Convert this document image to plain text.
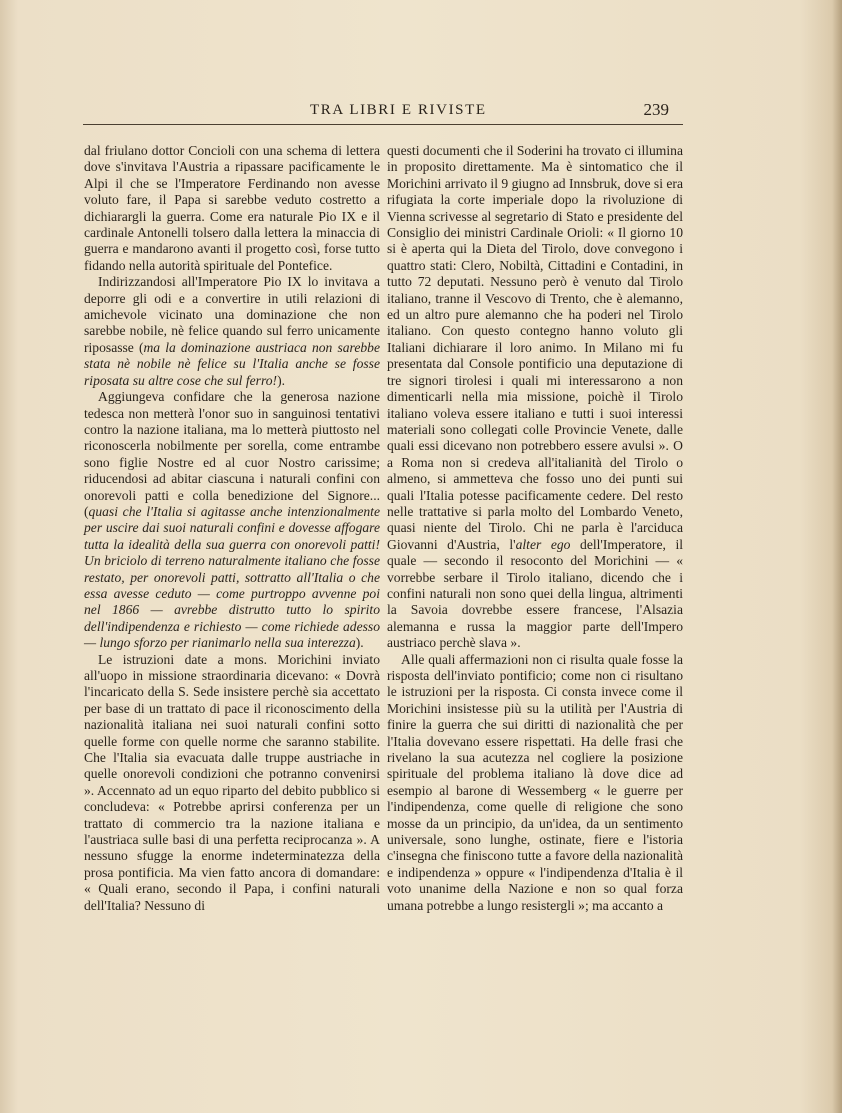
TRA LIBRI E RIVISTE	239

dal friulano dottor Concioli con una schema di lettera dove s'invitava l'Austria a ripassare pacificamente le Alpi il che se l'Imperatore Ferdinando non avesse voluto fare, il Papa si sarebbe veduto costretto a dichiarargli la guerra. Come era naturale Pio IX e il cardinale Antonelli tolsero dalla lettera la minaccia di guerra e mandarono avanti il progetto così, forse tutto fidando nella autorità spirituale del Pontefice.

Indirizzandosi all'Imperatore Pio IX lo invitava a deporre gli odi e a convertire in utili relazioni di amichevole vicinato una dominazione che non sarebbe nobile, nè felice quando sul ferro unicamente riposasse (ma la dominazione austriaca non sarebbe stata nè nobile nè felice su l'Italia anche se fosse riposata su altre cose che sul ferro!).

Aggiungeva confidare che la generosa nazione tedesca non metterà l'onor suo in sanguinosi tentativi contro la nazione italiana, ma lo metterà piuttosto nel riconoscerla nobilmente per sorella, come entrambe sono figlie Nostre ed al cuor Nostro carissime; riducendosi ad abitar ciascuna i naturali confini con onorevoli patti e colla benedizione del Signore... (quasi che l'Italia si agitasse anche intenzionalmente per uscire dai suoi naturali confini e dovesse affogare tutta la idealità della sua guerra con onorevoli patti! Un briciolo di terreno naturalmente italiano che fosse restato, per onorevoli patti, sottratto all'Italia o che essa avesse ceduto — come purtroppo avvenne poi nel 1866 — avrebbe distrutto tutto lo spirito dell'indipendenza e richiesto — come richiede adesso — lungo sforzo per rianimarlo nella sua interezza).

Le istruzioni date a mons. Morichini inviato all'uopo in missione straordinaria dicevano: « Dovrà l'incaricato della S. Sede insistere perchè sia accettato per base di un trattato di pace il riconoscimento della nazionalità italiana nei suoi naturali confini sotto quelle forme con quelle norme che saranno stabilite. Che l'Italia sia evacuata dalle truppe austriache in quelle onorevoli condizioni che potranno convenirsi ». Accennato ad un equo riparto del debito pubblico si concludeva: « Potrebbe aprirsi conferenza per un trattato di commercio tra la nazione italiana e l'austriaca sulle basi di una perfetta reciprocanza ». A nessuno sfugge la enorme indeterminatezza della prosa pontificia. Ma vien fatto ancora di domandare: « Quali erano, secondo il Papa, i confini naturali dell'Italia? Nessuno di

questi documenti che il Soderini ha trovato ci illumina in proposito direttamente. Ma è sintomatico che il Morichini arrivato il 9 giugno ad Innsbruk, dove si era rifugiata la corte imperiale dopo la rivoluzione di Vienna scrivesse al segretario di Stato e presidente del Consiglio dei ministri Cardinale Orioli: « Il giorno 10 si è aperta qui la Dieta del Tirolo, dove convegono i quattro stati: Clero, Nobiltà, Cittadini e Contadini, in tutto 72 deputati. Nessuno però è venuto dal Tirolo italiano, tranne il Vescovo di Trento, che è alemanno, ed un altro pure alemanno che ha poderi nel Tirolo italiano. Con questo contegno hanno voluto gli Italiani dichiarare il loro animo. In Milano mi fu presentata dal Console pontificio una deputazione di tre signori tirolesi i quali mi interessarono a non dimenticarli nella mia missione, poichè il Tirolo italiano voleva essere italiano e tutti i suoi interessi materiali sono collegati colle Provincie Venete, dalle quali essi dicevano non potrebbero essere avulsi ». O a Roma non si credeva all'italianità del Tirolo o almeno, si ammetteva che fosso uno dei punti sui quali l'Italia potesse pacificamente cedere. Del resto nelle trattative si parla molto del Lombardo Veneto, quasi niente del Tirolo. Chi ne parla è l'arciduca Giovanni d'Austria, l'alter ego dell'Imperatore, il quale — secondo il resoconto del Morichini — « vorrebbe serbare il Tirolo italiano, dicendo che i confini naturali non sono quei della lingua, altrimenti la Savoia dovrebbe essere francese, l'Alsazia alemanna e russa la maggior parte dell'Impero austriaco perchè slava ».

Alle quali affermazioni non ci risulta quale fosse la risposta dell'inviato pontificio; come non ci risultano le istruzioni per la risposta. Ci consta invece come il Morichini insistesse più su la utilità per l'Austria di finire la guerra che sui diritti di nazionalità che per l'Italia dovevano essere rispettati. Ha delle frasi che rivelano la sua acutezza nel cogliere la posizione spirituale del problema italiano là dove dice ad esempio al barone di Wessemberg « le guerre per l'indipendenza, come quelle di religione che sono mosse da un principio, da un'idea, da un sentimento universale, sono lunghe, ostinate, fiere e l'istoria c'insegna che finiscono tutte a favore della nazionalità e indipendenza » oppure « l'indipendenza d'Italia è il voto unanime della Nazione e non so qual forza umana potrebbe a lungo resistergli »; ma accanto a
